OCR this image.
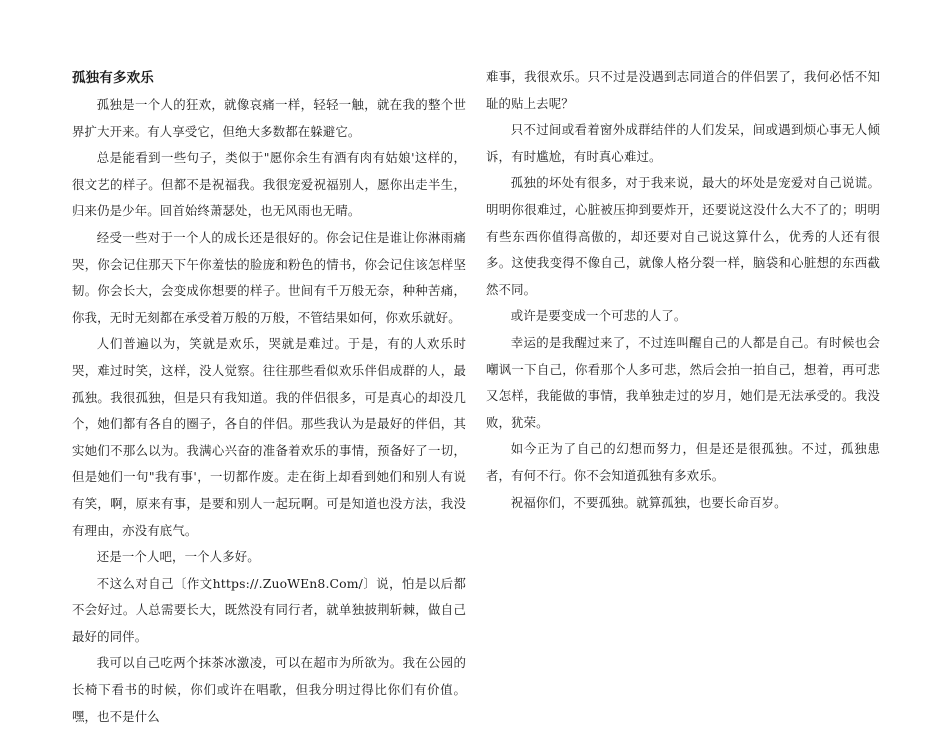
孤独有多欢乐

孤独是一个人的狂欢，就像哀痛一样，轻轻一触，就在我的整个世界扩大开来。有人享受它，但绝大多数都在躲避它。

总是能看到一些句子，类似于"愿你余生有酒有肉有姑娘'这样的，很文艺的样子。但都不是祝福我。我很宠爱祝福别人，愿你出走半生，归来仍是少年。回首始终萧瑟处，也无风雨也无晴。

经受一些对于一个人的成长还是很好的。你会记住是谁让你淋雨痛哭，你会记住那天下午你羞怯的脸庞和粉色的情书，你会记住该怎样坚韧。你会长大，会变成你想要的样子。世间有千万般无奈，种种苦痛，你我，无时无刻都在承受着万般的万般，不管结果如何，你欢乐就好。

人们普遍以为，笑就是欢乐，哭就是难过。于是，有的人欢乐时哭，难过时笑，这样，没人觉察。往往那些看似欢乐伴侣成群的人，最孤独。我很孤独，但是只有我知道。我的伴侣很多，可是真心的却没几个，她们都有各自的圈子，各自的伴侣。那些我认为是最好的伴侣，其实她们不那么以为。我满心兴奋的准备着欢乐的事情，预备好了一切，但是她们一句"我有事'，一切都作废。走在街上却看到她们和别人有说有笑，啊，原来有事，是要和别人一起玩啊。可是知道也没方法，我没有理由，亦没有底气。

还是一个人吧，一个人多好。

不这么对自己〔作文https://.ZuoWEn8.Com/〕说，怕是以后都不会好过。人总需要长大，既然没有同行者，就单独披荆斩棘，做自己最好的同伴。

我可以自己吃两个抹茶冰激凌，可以在超市为所欲为。我在公园的长椅下看书的时候，你们或许在唱歌，但我分明过得比你们有价值。嘿，也不是什么

难事，我很欢乐。只不过是没遇到志同道合的伴侣罢了，我何必恬不知耻的贴上去呢？

只不过间或看着窗外成群结伴的人们发呆，间或遇到烦心事无人倾诉，有时尴尬，有时真心难过。

孤独的坏处有很多，对于我来说，最大的坏处是宠爱对自己说谎。明明你很难过，心脏被压抑到要炸开，还要说这没什么大不了的；明明有些东西你值得高傲的，却还要对自己说这算什么，优秀的人还有很多。这使我变得不像自己，就像人格分裂一样，脑袋和心脏想的东西截然不同。

或许是要变成一个可悲的人了。

幸运的是我醒过来了，不过连叫醒自己的人都是自己。有时候也会嘲讽一下自己，你看那个人多可悲，然后会拍一拍自己，想着，再可悲又怎样，我能做的事情，我单独走过的岁月，她们是无法承受的。我没败，犹荣。

如今正为了自己的幻想而努力，但是还是很孤独。不过，孤独患者，有何不行。你不会知道孤独有多欢乐。

祝福你们，不要孤独。就算孤独，也要长命百岁。
